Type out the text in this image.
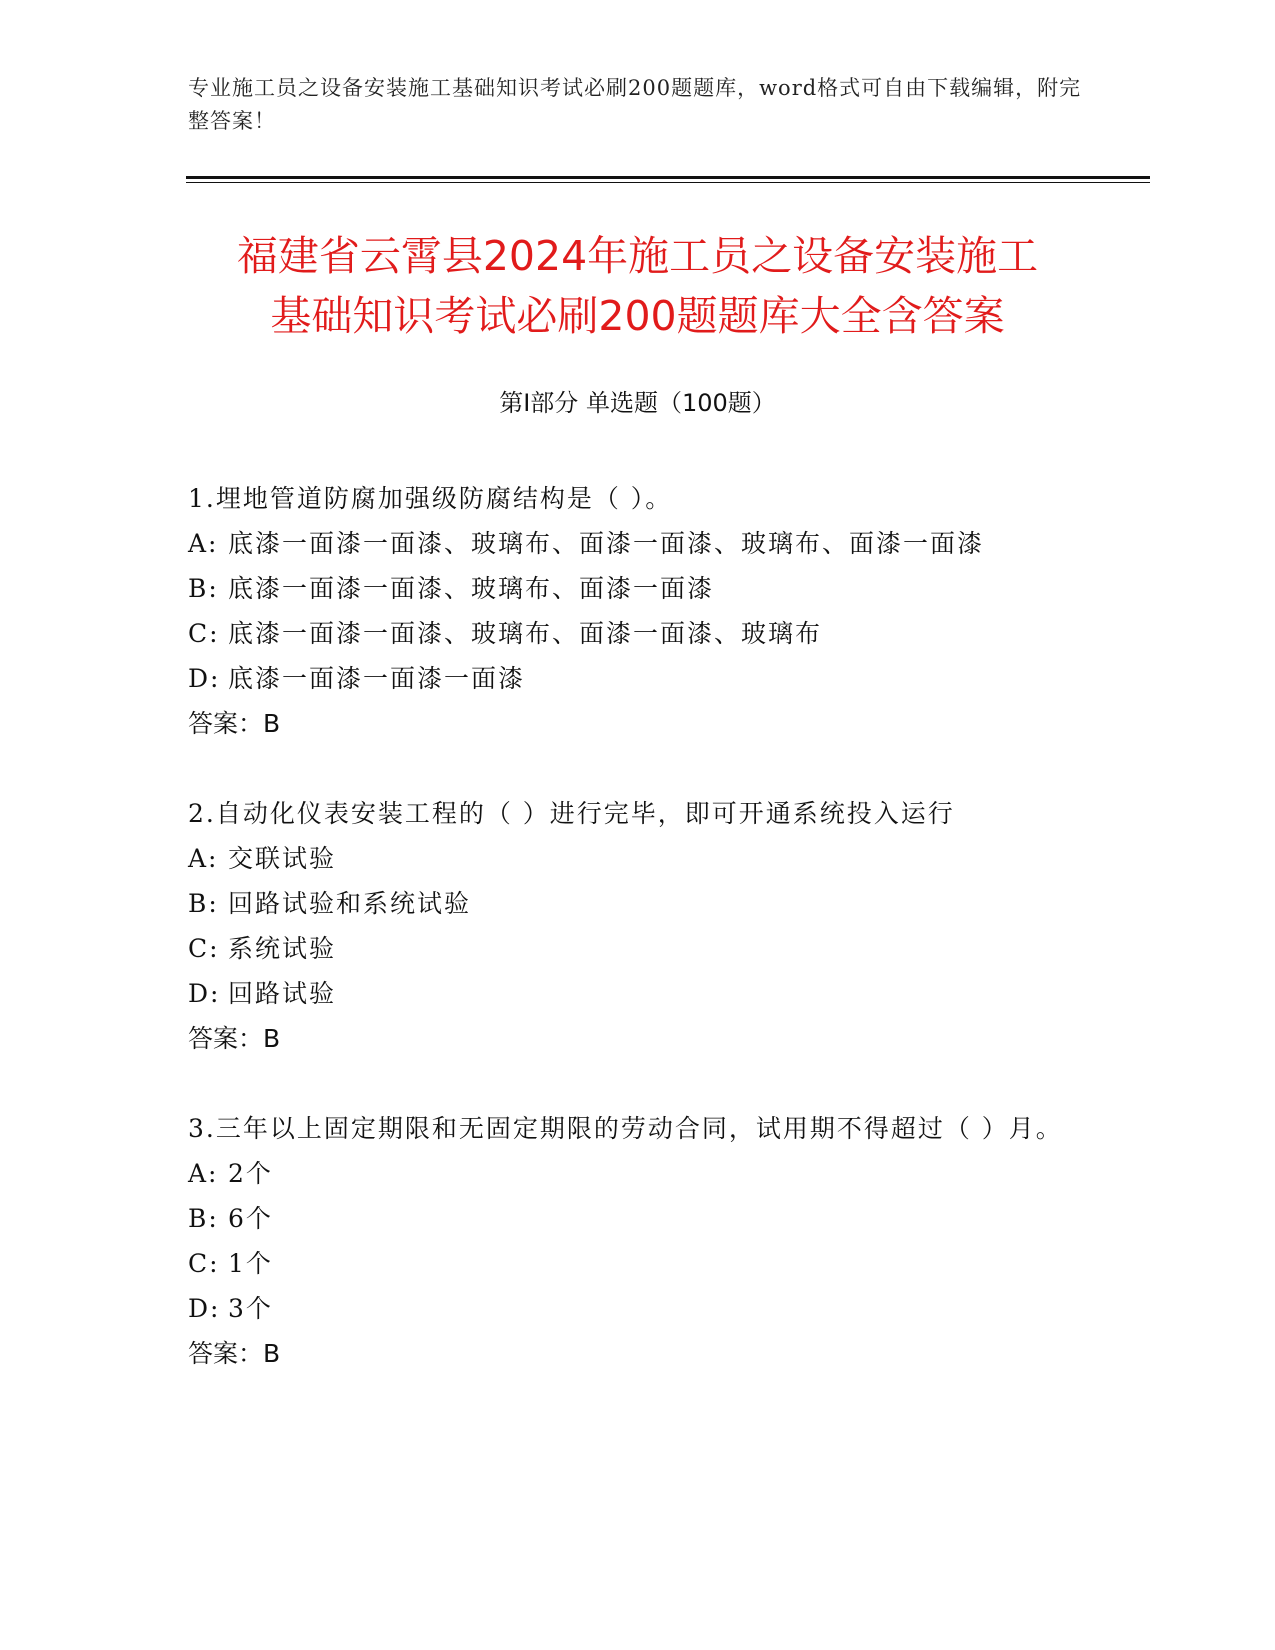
专业施工员之设备安装施工基础知识考试必刷200题题库，word格式可自由下载编辑，附完整答案！
福建省云霄县2024年施工员之设备安装施工
基础知识考试必刷200题题库大全含答案
第Ⅰ部分 单选题（100题）
1.埋地管道防腐加强级防腐结构是（ ）。
A: 底漆一面漆一面漆、玻璃布、面漆一面漆、玻璃布、面漆一面漆
B: 底漆一面漆一面漆、玻璃布、面漆一面漆
C: 底漆一面漆一面漆、玻璃布、面漆一面漆、玻璃布
D: 底漆一面漆一面漆一面漆
答案：B
2.自动化仪表安装工程的（ ）进行完毕，即可开通系统投入运行
A: 交联试验
B: 回路试验和系统试验
C: 系统试验
D: 回路试验
答案：B
3.三年以上固定期限和无固定期限的劳动合同，试用期不得超过（ ）月。
A: 2个
B: 6个
C: 1个
D: 3个
答案：B
